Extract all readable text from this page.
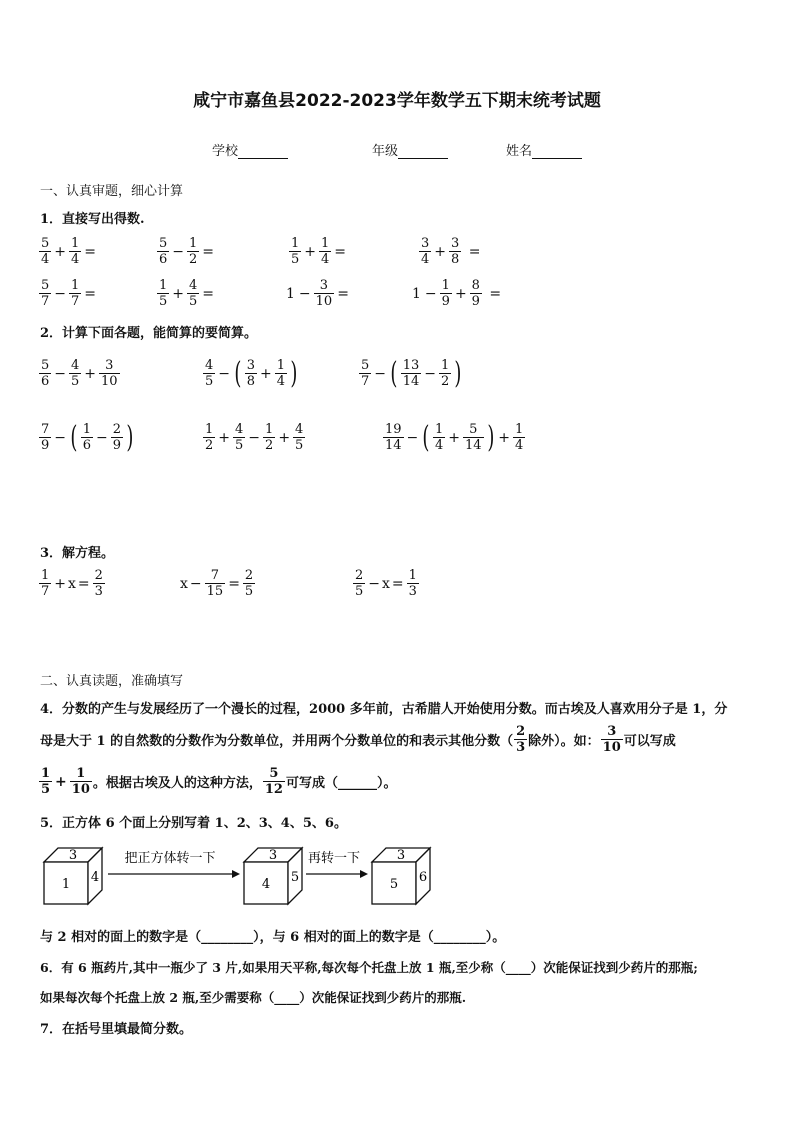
咸宁市嘉鱼县2022-2023学年数学五下期末统考试题
学校	年级	姓名
一、认真审题，细心计算
1．直接写出得数.
$\frac{5}{4} + \frac{1}{4}$ =	$\frac{5}{6} - \frac{1}{2}$ =	$\frac{1}{5} + \frac{1}{4}$ =	$\frac{3}{4} + \frac{3}{8}$ =
$\frac{5}{7} - \frac{1}{7}$ =	$\frac{1}{5} + \frac{4}{5}$ =	$1 - \frac{3}{10}$ =	$1 - \frac{1}{9} + \frac{8}{9}$ =
2．计算下面各题，能简算的要简算。
$\frac{5}{6} - \frac{4}{5} + \frac{3}{10}$	$\frac{4}{5}$ − ( $\frac{3}{8} + \frac{1}{4}$ )	$\frac{5}{7}$ − ( $\frac{13}{14} - \frac{1}{2}$ )
$\frac{7}{9}$ − ( $\frac{1}{6} - \frac{2}{9}$ )	$\frac{1}{2} + \frac{4}{5} - \frac{1}{2} + \frac{4}{5}$	$\frac{19}{14}$ − ( $\frac{1}{4} + \frac{5}{14}$ ) + $\frac{1}{4}$
3．解方程。
$\frac{1}{7} + x = \frac{2}{3}$	$x - \frac{7}{15} = \frac{2}{5}$	$\frac{2}{5} - x = \frac{1}{3}$
二、认真读题，准确填写
4．分数的产生与发展经历了一个漫长的过程，2000 多年前，古希腊人开始使用分数。而古埃及人喜欢用分子是 1，分
母是大于 1 的自然数的分数作为分数单位，并用两个分数单位的和表示其他分数（ $\frac{2}{3}$ 除外）。如： $\frac{3}{10}$ 可以写成
$\frac{1}{5} + \frac{1}{10}$ 。根据古埃及人的这种方法， $\frac{5}{12}$ 可写成（______）。
5．正方体 6 个面上分别写着 1、2、3、4、5、6。
3
1 4
把正方体转一下	3
4 5
再转一下	3
5 6
与 2 相对的面上的数字是（________），与 6 相对的面上的数字是（________）。
6．有 6 瓶药片,其中一瓶少了 3 片,如果用天平称,每次每个托盘上放 1 瓶,至少称（____）次能保证找到少药片的那瓶;
如果每次每个托盘上放 2 瓶,至少需要称（____）次能保证找到少药片的那瓶.
7．在括号里填最简分数。
